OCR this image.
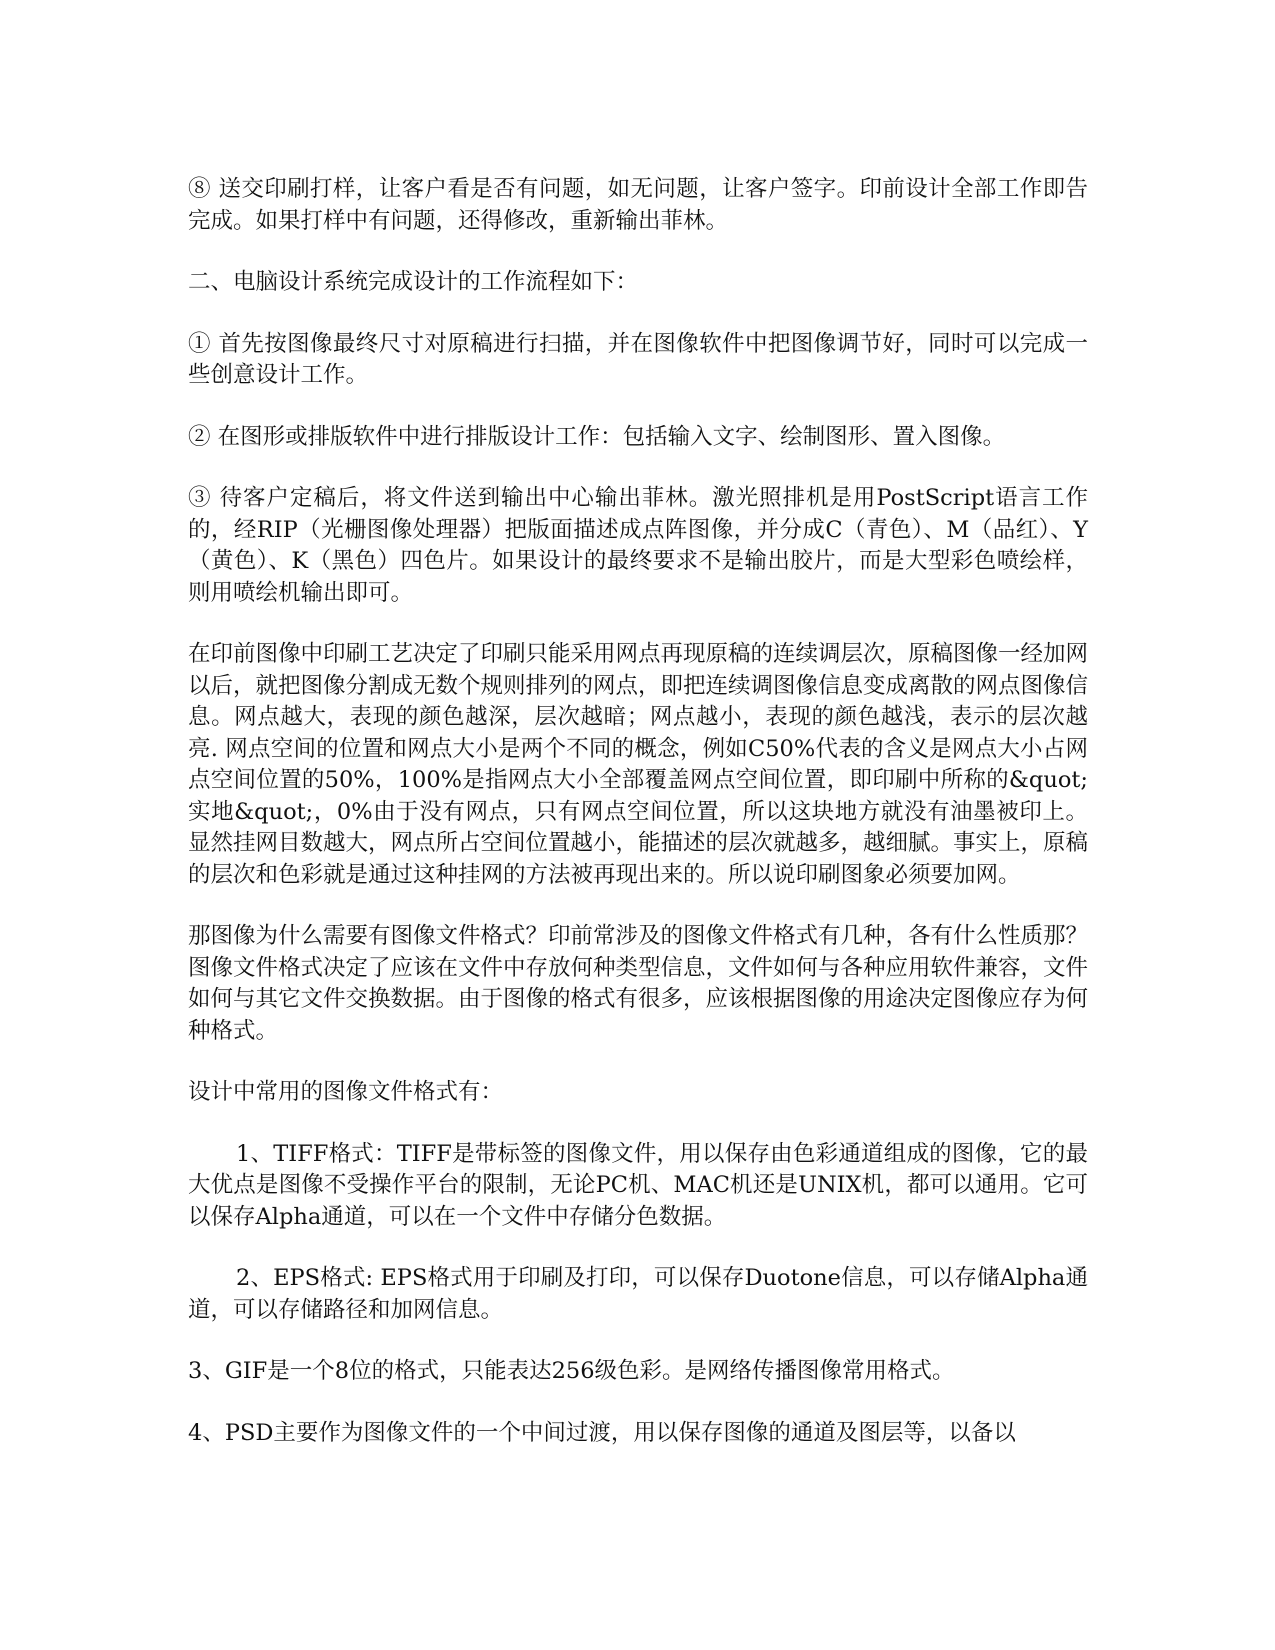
⑧ 送交印刷打样，让客户看是否有问题，如无问题，让客户签字。印前设计全部工作即告完成。如果打样中有问题，还得修改，重新输出菲林。

二、电脑设计系统完成设计的工作流程如下：

① 首先按图像最终尺寸对原稿进行扫描，并在图像软件中把图像调节好，同时可以完成一些创意设计工作。

② 在图形或排版软件中进行排版设计工作：包括输入文字、绘制图形、置入图像。

③ 待客户定稿后，将文件送到输出中心输出菲林。激光照排机是用PostScript语言工作的，经RIP（光栅图像处理器）把版面描述成点阵图像，并分成C（青色）、M（品红）、Y（黄色）、K（黑色）四色片。如果设计的最终要求不是输出胶片，而是大型彩色喷绘样，则用喷绘机输出即可。

在印前图像中印刷工艺决定了印刷只能采用网点再现原稿的连续调层次，原稿图像一经加网以后，就把图像分割成无数个规则排列的网点，即把连续调图像信息变成离散的网点图像信息。网点越大，表现的颜色越深，层次越暗；网点越小，表现的颜色越浅，表示的层次越亮. 网点空间的位置和网点大小是两个不同的概念，例如C50%代表的含义是网点大小占网点空间位置的50%，100%是指网点大小全部覆盖网点空间位置，即印刷中所称的&quot;实地&quot;，0%由于没有网点，只有网点空间位置，所以这块地方就没有油墨被印上。显然挂网目数越大，网点所占空间位置越小，能描述的层次就越多，越细腻。事实上，原稿的层次和色彩就是通过这种挂网的方法被再现出来的。所以说印刷图象必须要加网。

那图像为什么需要有图像文件格式？印前常涉及的图像文件格式有几种，各有什么性质那？图像文件格式决定了应该在文件中存放何种类型信息，文件如何与各种应用软件兼容，文件如何与其它文件交换数据。由于图像的格式有很多，应该根据图像的用途决定图像应存为何种格式。

设计中常用的图像文件格式有：

1、TIFF格式：TIFF是带标签的图像文件，用以保存由色彩通道组成的图像，它的最大优点是图像不受操作平台的限制，无论PC机、MAC机还是UNIX机，都可以通用。它可以保存Alpha通道，可以在一个文件中存储分色数据。

2、EPS格式: EPS格式用于印刷及打印，可以保存Duotone信息，可以存储Alpha通道，可以存储路径和加网信息。

3、GIF是一个8位的格式，只能表达256级色彩。是网络传播图像常用格式。

4、PSD主要作为图像文件的一个中间过渡，用以保存图像的通道及图层等，以备以
